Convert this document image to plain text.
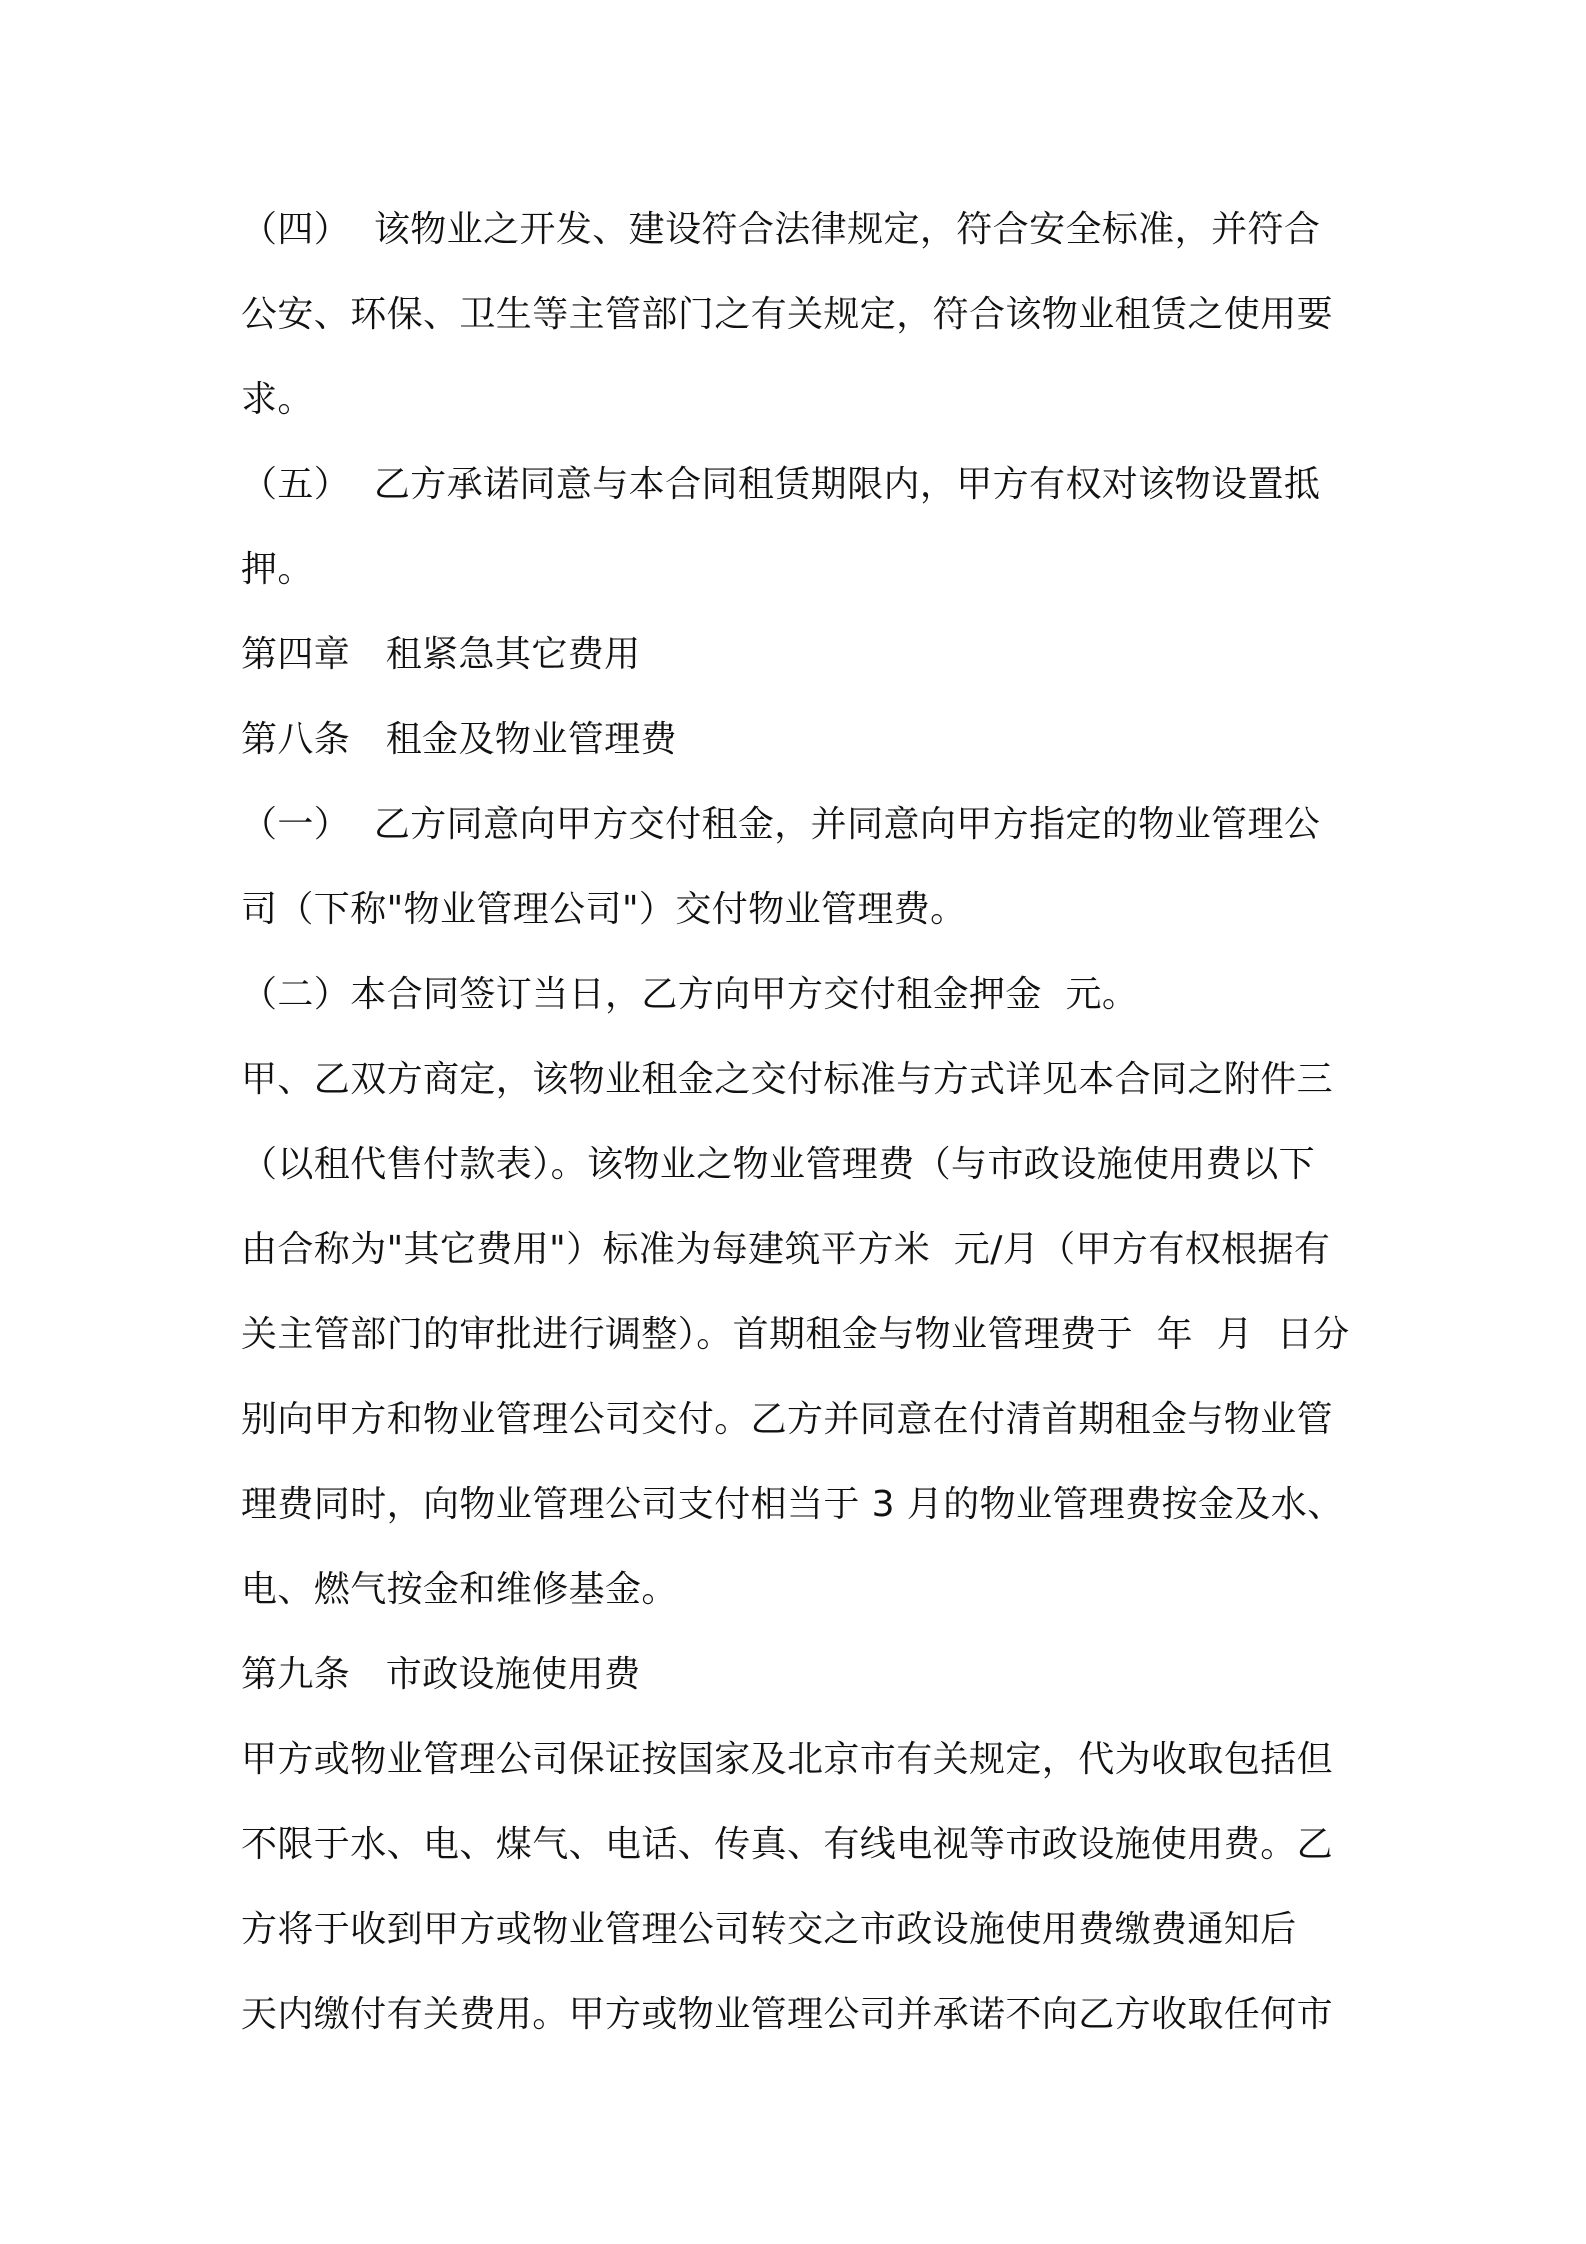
（四）  该物业之开发、建设符合法律规定，符合安全标准，并符合
公安、环保、卫生等主管部门之有关规定，符合该物业租赁之使用要
求。
（五）  乙方承诺同意与本合同租赁期限内，甲方有权对该物设置抵
押。
第四章   租紧急其它费用
第八条   租金及物业管理费
（一）  乙方同意向甲方交付租金，并同意向甲方指定的物业管理公
司（下称"物业管理公司"）交付物业管理费。
（二）本合同签订当日，乙方向甲方交付租金押金  元。
甲、乙双方商定，该物业租金之交付标准与方式详见本合同之附件三
（以租代售付款表）。该物业之物业管理费（与市政设施使用费以下
由合称为"其它费用"）标准为每建筑平方米  元/月（甲方有权根据有
关主管部门的审批进行调整）。首期租金与物业管理费于  年  月  日分
别向甲方和物业管理公司交付。乙方并同意在付清首期租金与物业管
理费同时，向物业管理公司支付相当于 3 月的物业管理费按金及水、
电、燃气按金和维修基金。
第九条   市政设施使用费
甲方或物业管理公司保证按国家及北京市有关规定，代为收取包括但
不限于水、电、煤气、电话、传真、有线电视等市政设施使用费。乙
方将于收到甲方或物业管理公司转交之市政设施使用费缴费通知后
天内缴付有关费用。甲方或物业管理公司并承诺不向乙方收取任何市
